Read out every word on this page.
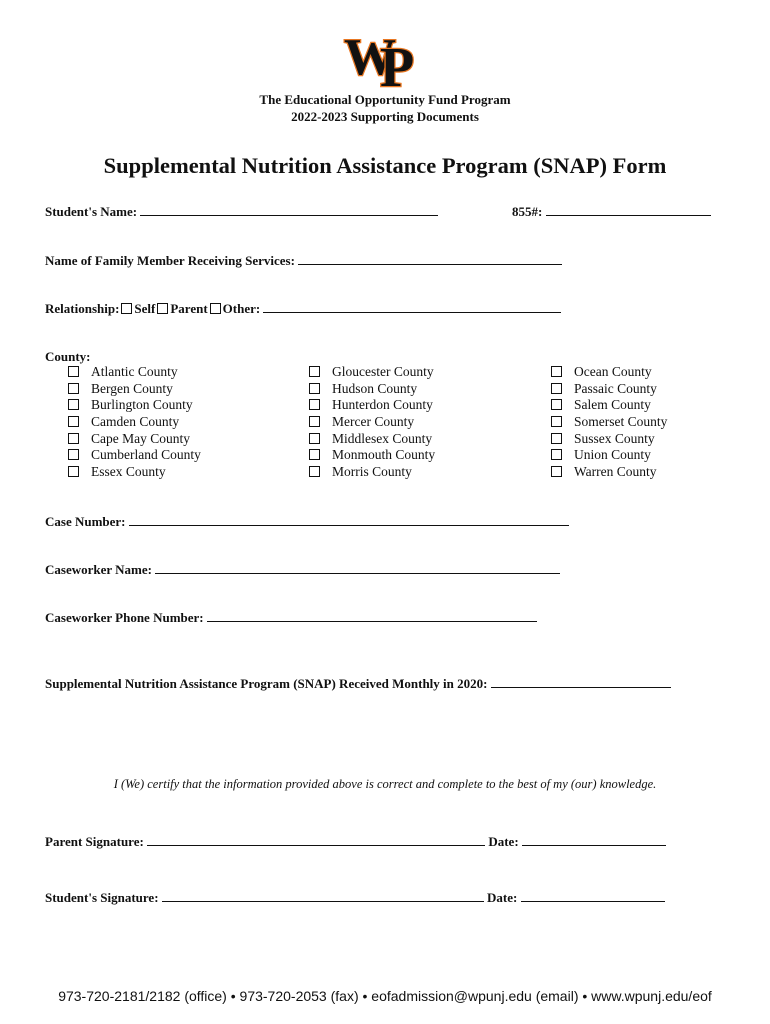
W
P
The Educational Opportunity Fund Program
2022-2023 Supporting Documents
Supplemental Nutrition Assistance Program (SNAP) Form
Student's Name:	855#:
Name of Family Member Receiving Services:
Relationship: Self Parent Other:
County:
Atlantic County
Bergen County
Burlington County
Camden County
Cape May County
Cumberland County
Essex County
Gloucester County
Hudson County
Hunterdon County
Mercer County
Middlesex County
Monmouth County
Morris County
Ocean County
Passaic County
Salem County
Somerset County
Sussex County
Union County
Warren County
Case Number:
Caseworker Name:
Caseworker Phone Number:
Supplemental Nutrition Assistance Program (SNAP) Received Monthly in 2020:
I (We) certify that the information provided above is correct and complete to the best of my (our) knowledge.
Parent Signature:	Date:
Student's Signature:	Date:
973-720-2181/2182 (office) • 973-720-2053 (fax) • eofadmission@wpunj.edu (email) • www.wpunj.edu/eof
